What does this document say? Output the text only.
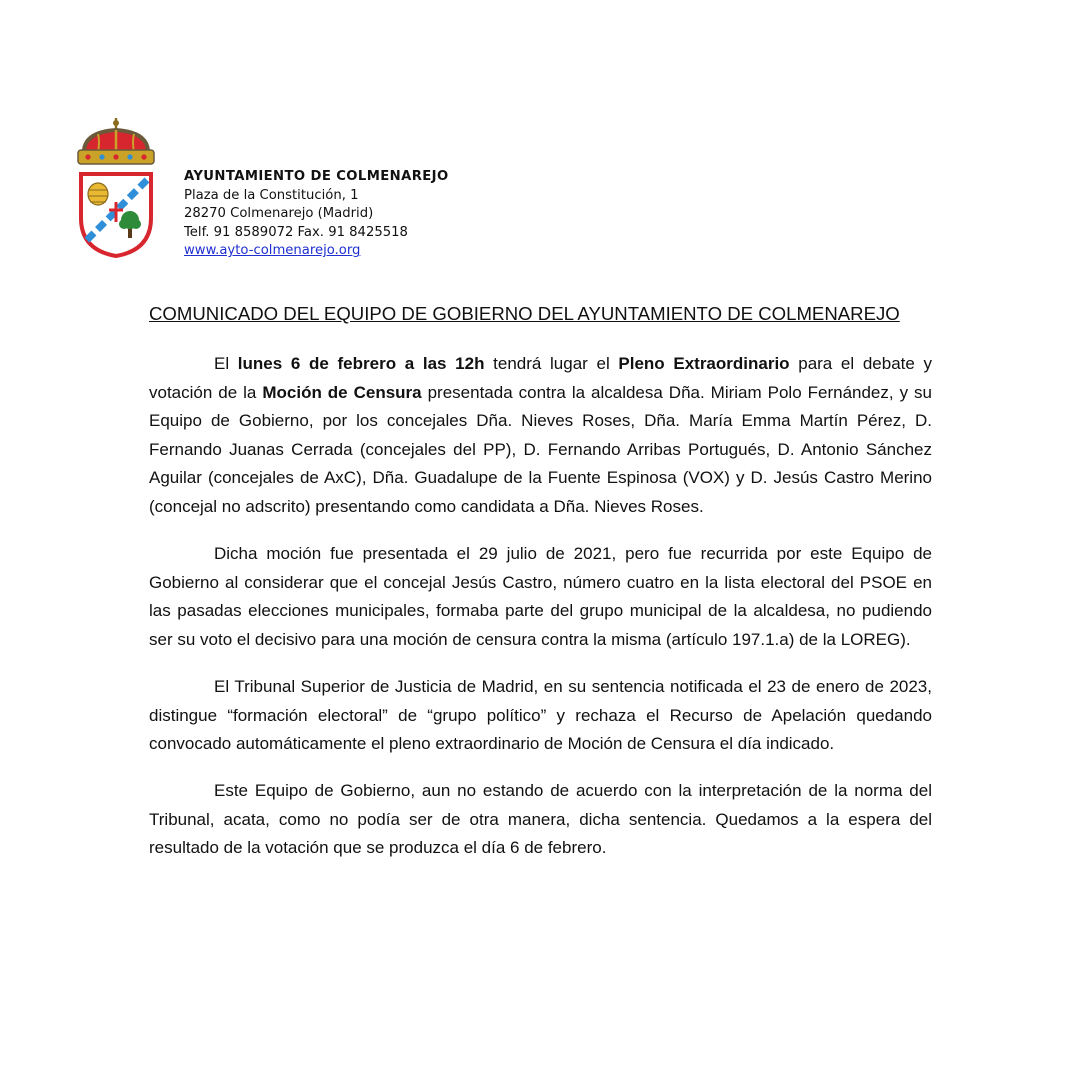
AYUNTAMIENTO DE COLMENAREJO
Plaza de la Constitución, 1
28270 Colmenarejo (Madrid)
Telf. 91 8589072 Fax. 91 8425518
www.ayto-colmenarejo.org
COMUNICADO DEL EQUIPO DE GOBIERNO DEL AYUNTAMIENTO DE COLMENAREJO

El lunes 6 de febrero a las 12h tendrá lugar el Pleno Extraordinario para el debate y votación de la Moción de Censura presentada contra la alcaldesa Dña. Miriam Polo Fernández, y su Equipo de Gobierno, por los concejales Dña. Nieves Roses, Dña. María Emma Martín Pérez, D. Fernando Juanas Cerrada (concejales del PP), D. Fernando Arribas Portugués, D. Antonio Sánchez Aguilar (concejales de AxC), Dña. Guadalupe de la Fuente Espinosa (VOX) y D. Jesús Castro Merino (concejal no adscrito) presentando como candidata a Dña. Nieves Roses.

Dicha moción fue presentada el 29 julio de 2021, pero fue recurrida por este Equipo de Gobierno al considerar que el concejal Jesús Castro, número cuatro en la lista electoral del PSOE en las pasadas elecciones municipales, formaba parte del grupo municipal de la alcaldesa, no pudiendo ser su voto el decisivo para una moción de censura contra la misma (artículo 197.1.a) de la LOREG).

El Tribunal Superior de Justicia de Madrid, en su sentencia notificada el 23 de enero de 2023, distingue “formación electoral” de “grupo político” y rechaza el Recurso de Apelación quedando convocado automáticamente el pleno extraordinario de Moción de Censura el día indicado.

Este Equipo de Gobierno, aun no estando de acuerdo con la interpretación de la norma del Tribunal, acata, como no podía ser de otra manera, dicha sentencia. Quedamos a la espera del resultado de la votación que se produzca el día 6 de febrero.
